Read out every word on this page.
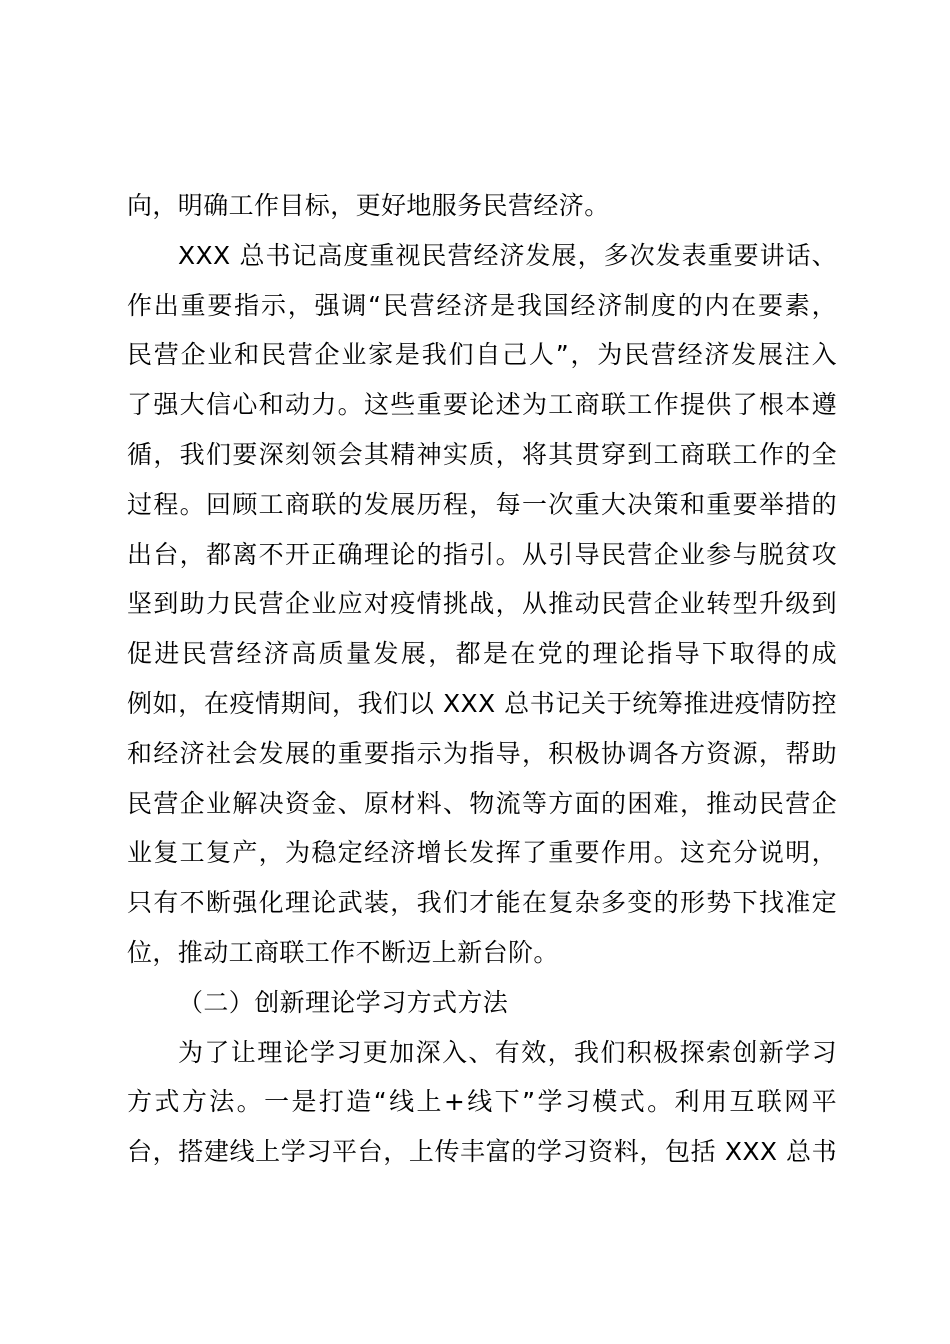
向，明确工作目标，更好地服务民营经济。
XXX 总书记高度重视民营经济发展，多次发表重要讲话、
作出重要指示，强调“民营经济是我国经济制度的内在要素，
民营企业和民营企业家是我们自己人”，为民营经济发展注入
了强大信心和动力。这些重要论述为工商联工作提供了根本遵
循，我们要深刻领会其精神实质，将其贯穿到工商联工作的全
过程。回顾工商联的发展历程，每一次重大决策和重要举措的
出台，都离不开正确理论的指引。从引导民营企业参与脱贫攻
坚到助力民营企业应对疫情挑战，从推动民营企业转型升级到
促进民营经济高质量发展，都是在党的理论指导下取得的成
例如，在疫情期间，我们以 XXX 总书记关于统筹推进疫情防控
和经济社会发展的重要指示为指导，积极协调各方资源，帮助
民营企业解决资金、原材料、物流等方面的困难，推动民营企
业复工复产，为稳定经济增长发挥了重要作用。这充分说明，
只有不断强化理论武装，我们才能在复杂多变的形势下找准定
位，推动工商联工作不断迈上新台阶。
（二）创新理论学习方式方法
为了让理论学习更加深入、有效，我们积极探索创新学习
方式方法。一是打造“线上+线下”学习模式。利用互联网平
台，搭建线上学习平台，上传丰富的学习资料，包括 XXX 总书
